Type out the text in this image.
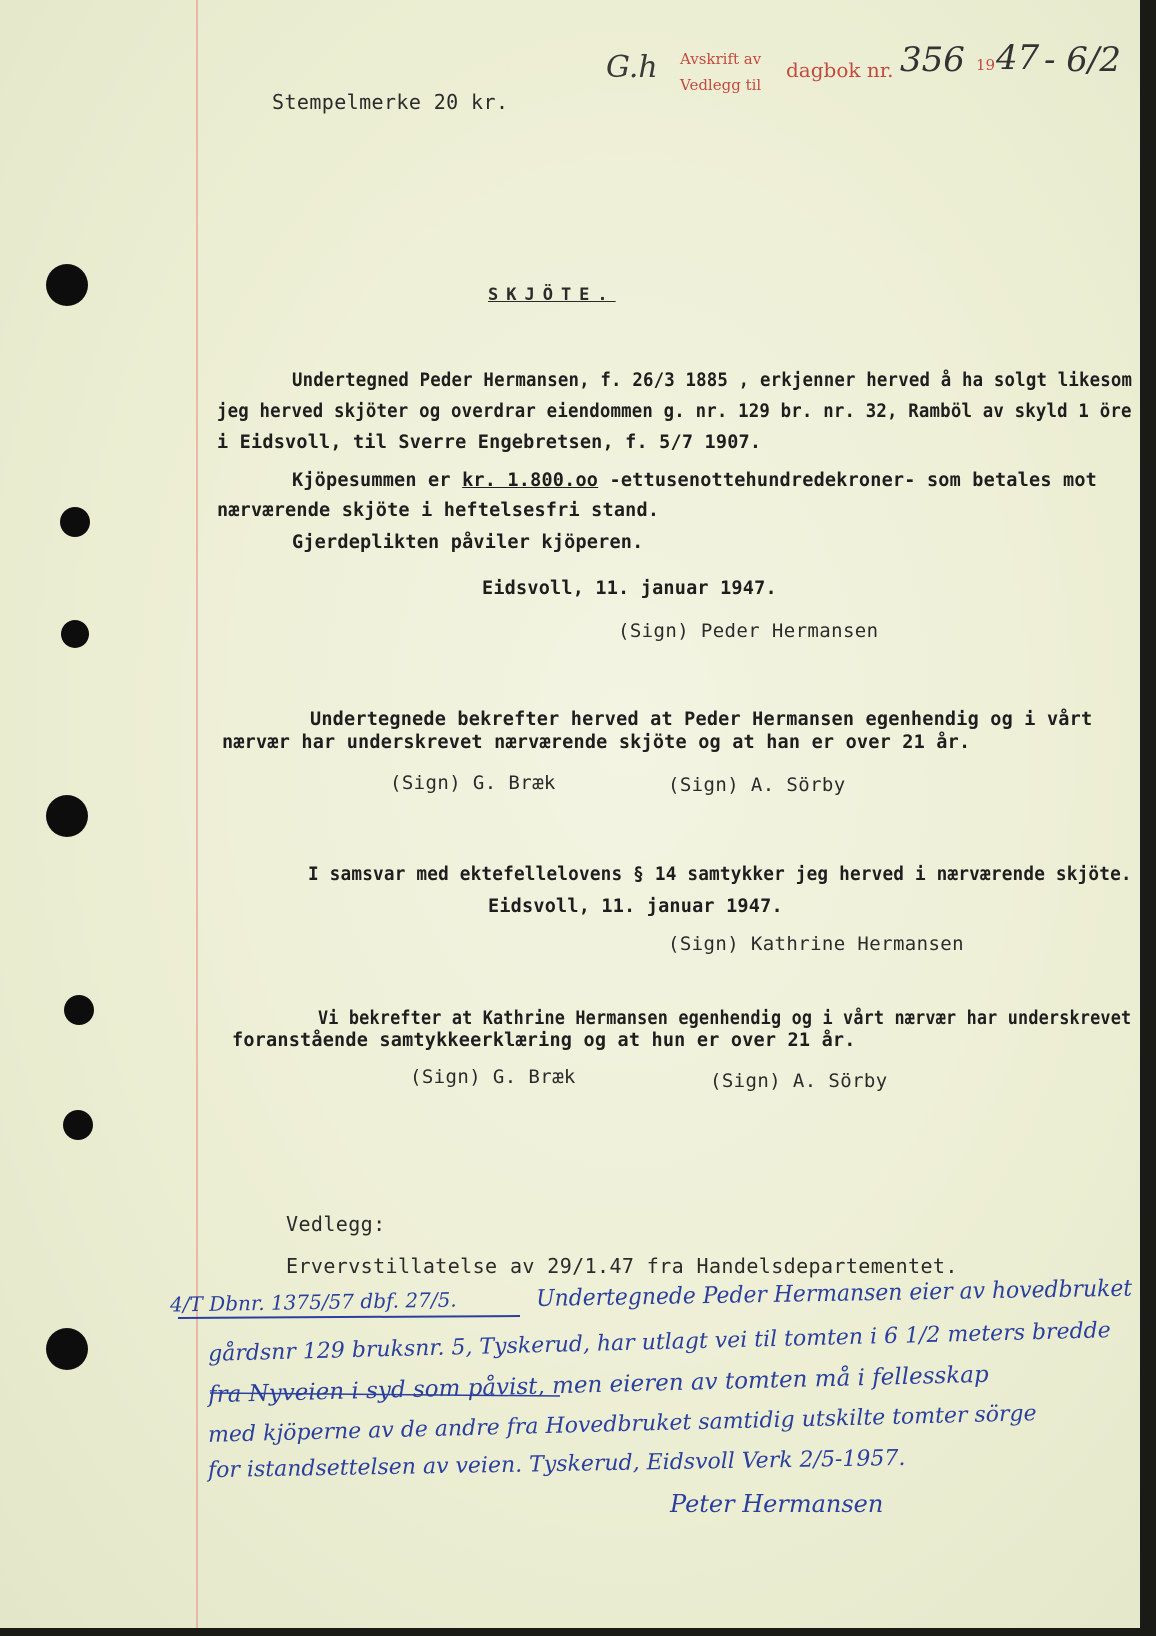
Stempelmerke 20 kr.
G.h Avskrift av
Vedlegg til
dagbok nr. 356 19 47 - 6/2
SKJÖTE.
Undertegned Peder Hermansen, f. 26/3 1885 , erkjenner herved å ha solgt likesom
jeg herved skjöter og overdrar eiendommen g. nr. 129 br. nr. 32, Ramböl av skyld 1 öre
i Eidsvoll, til Sverre Engebretsen, f. 5/7 1907.
Kjöpesummen er kr. 1.800.oo -ettusenottehundredekroner- som betales mot
nærværende skjöte i heftelsesfri stand.
Gjerdeplikten påviler kjöperen.
Eidsvoll, 11. januar 1947.
(Sign) Peder Hermansen
Undertegnede bekrefter herved at Peder Hermansen egenhendig og i vårt
nærvær har underskrevet nærværende skjöte og at han er over 21 år.
(Sign) G. Bræk	(Sign) A. Sörby
I samsvar med ektefellelovens § 14 samtykker jeg herved i nærværende skjöte.
Eidsvoll, 11. januar 1947.
(Sign) Kathrine Hermansen
Vi bekrefter at Kathrine Hermansen egenhendig og i vårt nærvær har underskrevet
foranstående samtykkeerklæring og at hun er over 21 år.
(Sign) G. Bræk	(Sign) A. Sörby
Vedlegg:
Ervervstillatelse av 29/1.47 fra Handelsdepartementet.
4/T Dbnr. 1375/57 dbf. 27/5.	Undertegnede Peder Hermansen eier av hovedbruket
gårdsnr 129 bruksnr. 5, Tyskerud, har utlagt vei til tomten i 6 1/2 meters bredde
fra Nyveien i syd som påvist, men eieren av tomten må i fellesskap
med kjöperne av de andre fra Hovedbruket samtidig utskilte tomter sörge
for istandsettelsen av veien. Tyskerud, Eidsvoll Verk 2/5-1957.
Peter Hermansen
